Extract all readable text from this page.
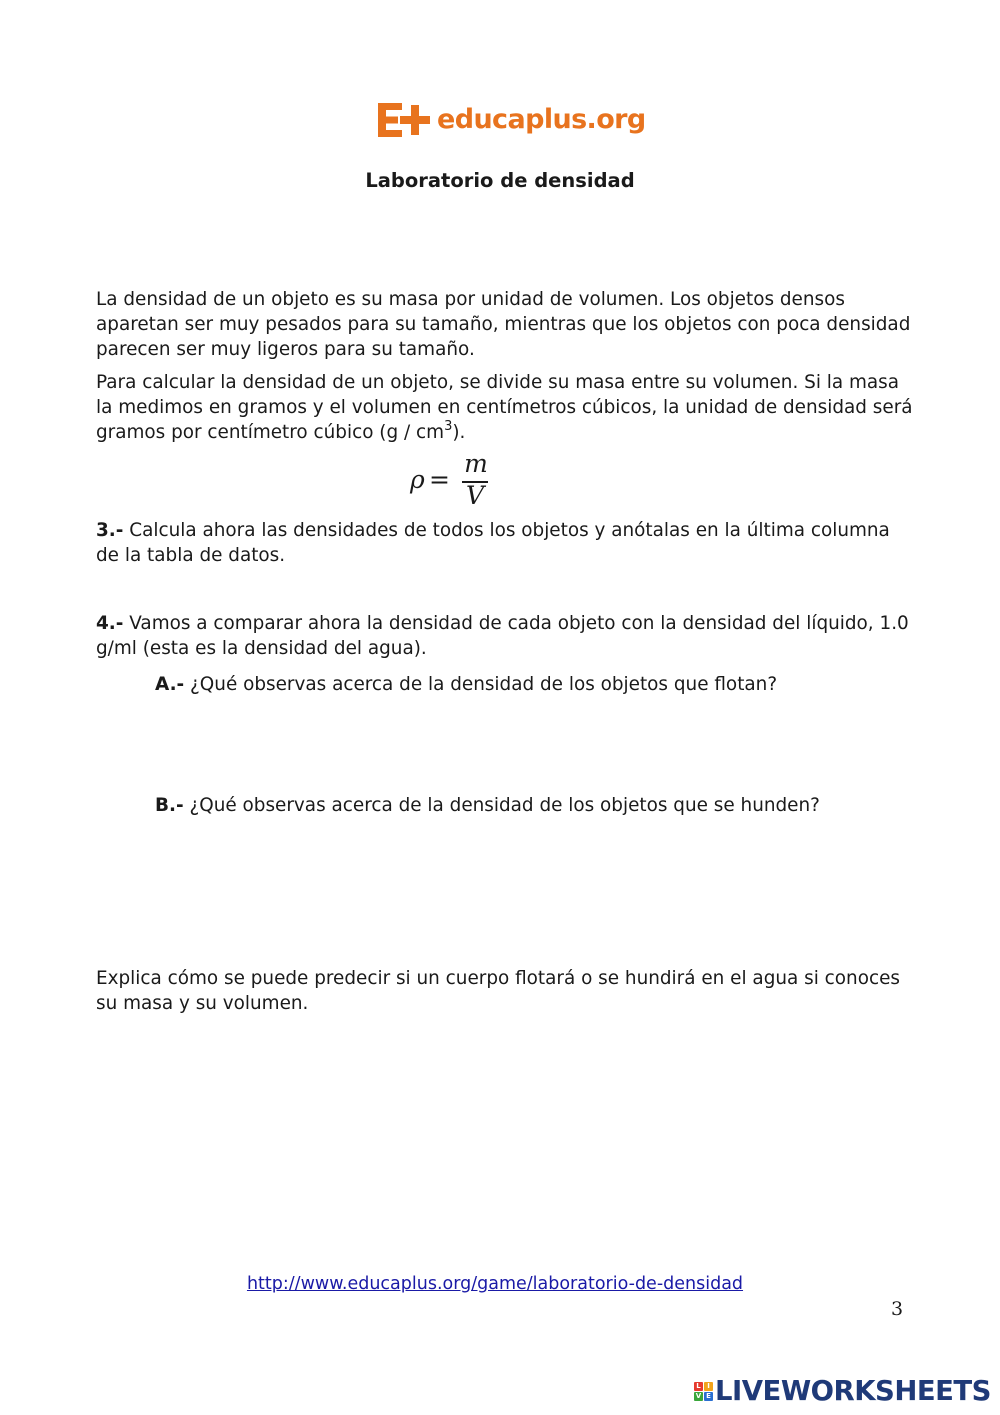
educaplus.org
Laboratorio de densidad

La densidad de un objeto es su masa por unidad de volumen. Los objetos densos aparetan ser muy pesados para su tamaño, mientras que los objetos con poca densidad parecen ser muy ligeros para su tamaño.

Para calcular la densidad de un objeto, se divide su masa entre su volumen. Si la masa la medimos en gramos y el volumen en centímetros cúbicos, la unidad de densidad será gramos por centímetro cúbico $(g / cm^3)$.

ρ =
m
V

3.- Calcula ahora las densidades de todos los objetos y anótalas en la última columna de la tabla de datos.

4.- Vamos a comparar ahora la densidad de cada objeto con la densidad del líquido, 1.0 g/ml (esta es la densidad del agua).

A.- ¿Qué observas acerca de la densidad de los objetos que flotan?
B.- ¿Qué observas acerca de la densidad de los objetos que se hunden?

Explica cómo se puede predecir si un cuerpo flotará o se hundirá en el agua si conoces su masa y su volumen.

http://www.educaplus.org/game/laboratorio-de-densidad
3
L I
V E LIVEWORKSHEETS
